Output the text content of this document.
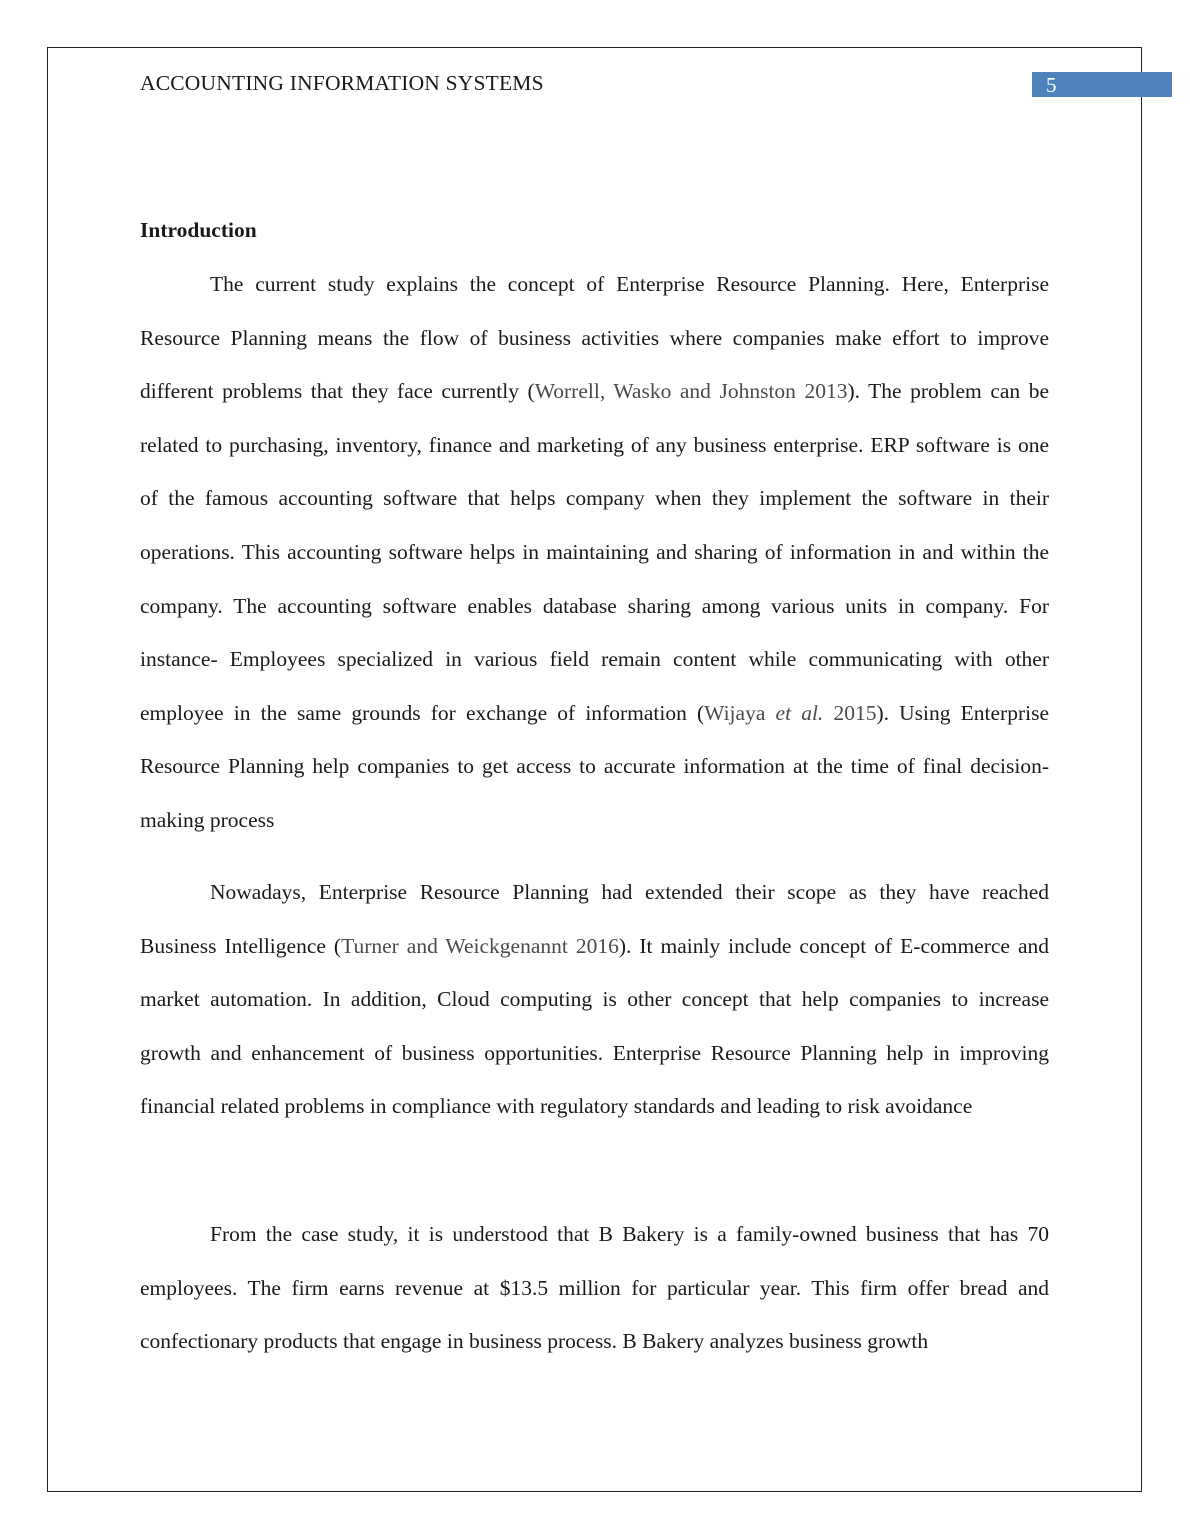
ACCOUNTING INFORMATION SYSTEMS	5
Introduction

The current study explains the concept of Enterprise Resource Planning. Here, Enterprise Resource Planning means the flow of business activities where companies make effort to improve different problems that they face currently (Worrell, Wasko and Johnston 2013). The problem can be related to purchasing, inventory, finance and marketing of any business enterprise. ERP software is one of the famous accounting software that helps company when they implement the software in their operations. This accounting software helps in maintaining and sharing of information in and within the company. The accounting software enables database sharing among various units in company. For instance- Employees specialized in various field remain content while communicating with other employee in the same grounds for exchange of information (Wijaya et al. 2015). Using Enterprise Resource Planning help companies to get access to accurate information at the time of final decision-making process

Nowadays, Enterprise Resource Planning had extended their scope as they have reached Business Intelligence (Turner and Weickgenannt 2016). It mainly include concept of E-commerce and market automation. In addition, Cloud computing is other concept that help companies to increase growth and enhancement of business opportunities. Enterprise Resource Planning help in improving financial related problems in compliance with regulatory standards and leading to risk avoidance

From the case study, it is understood that B Bakery is a family-owned business that has 70 employees. The firm earns revenue at $13.5 million for particular year. This firm offer bread and confectionary products that engage in business process. B Bakery analyzes business growth
